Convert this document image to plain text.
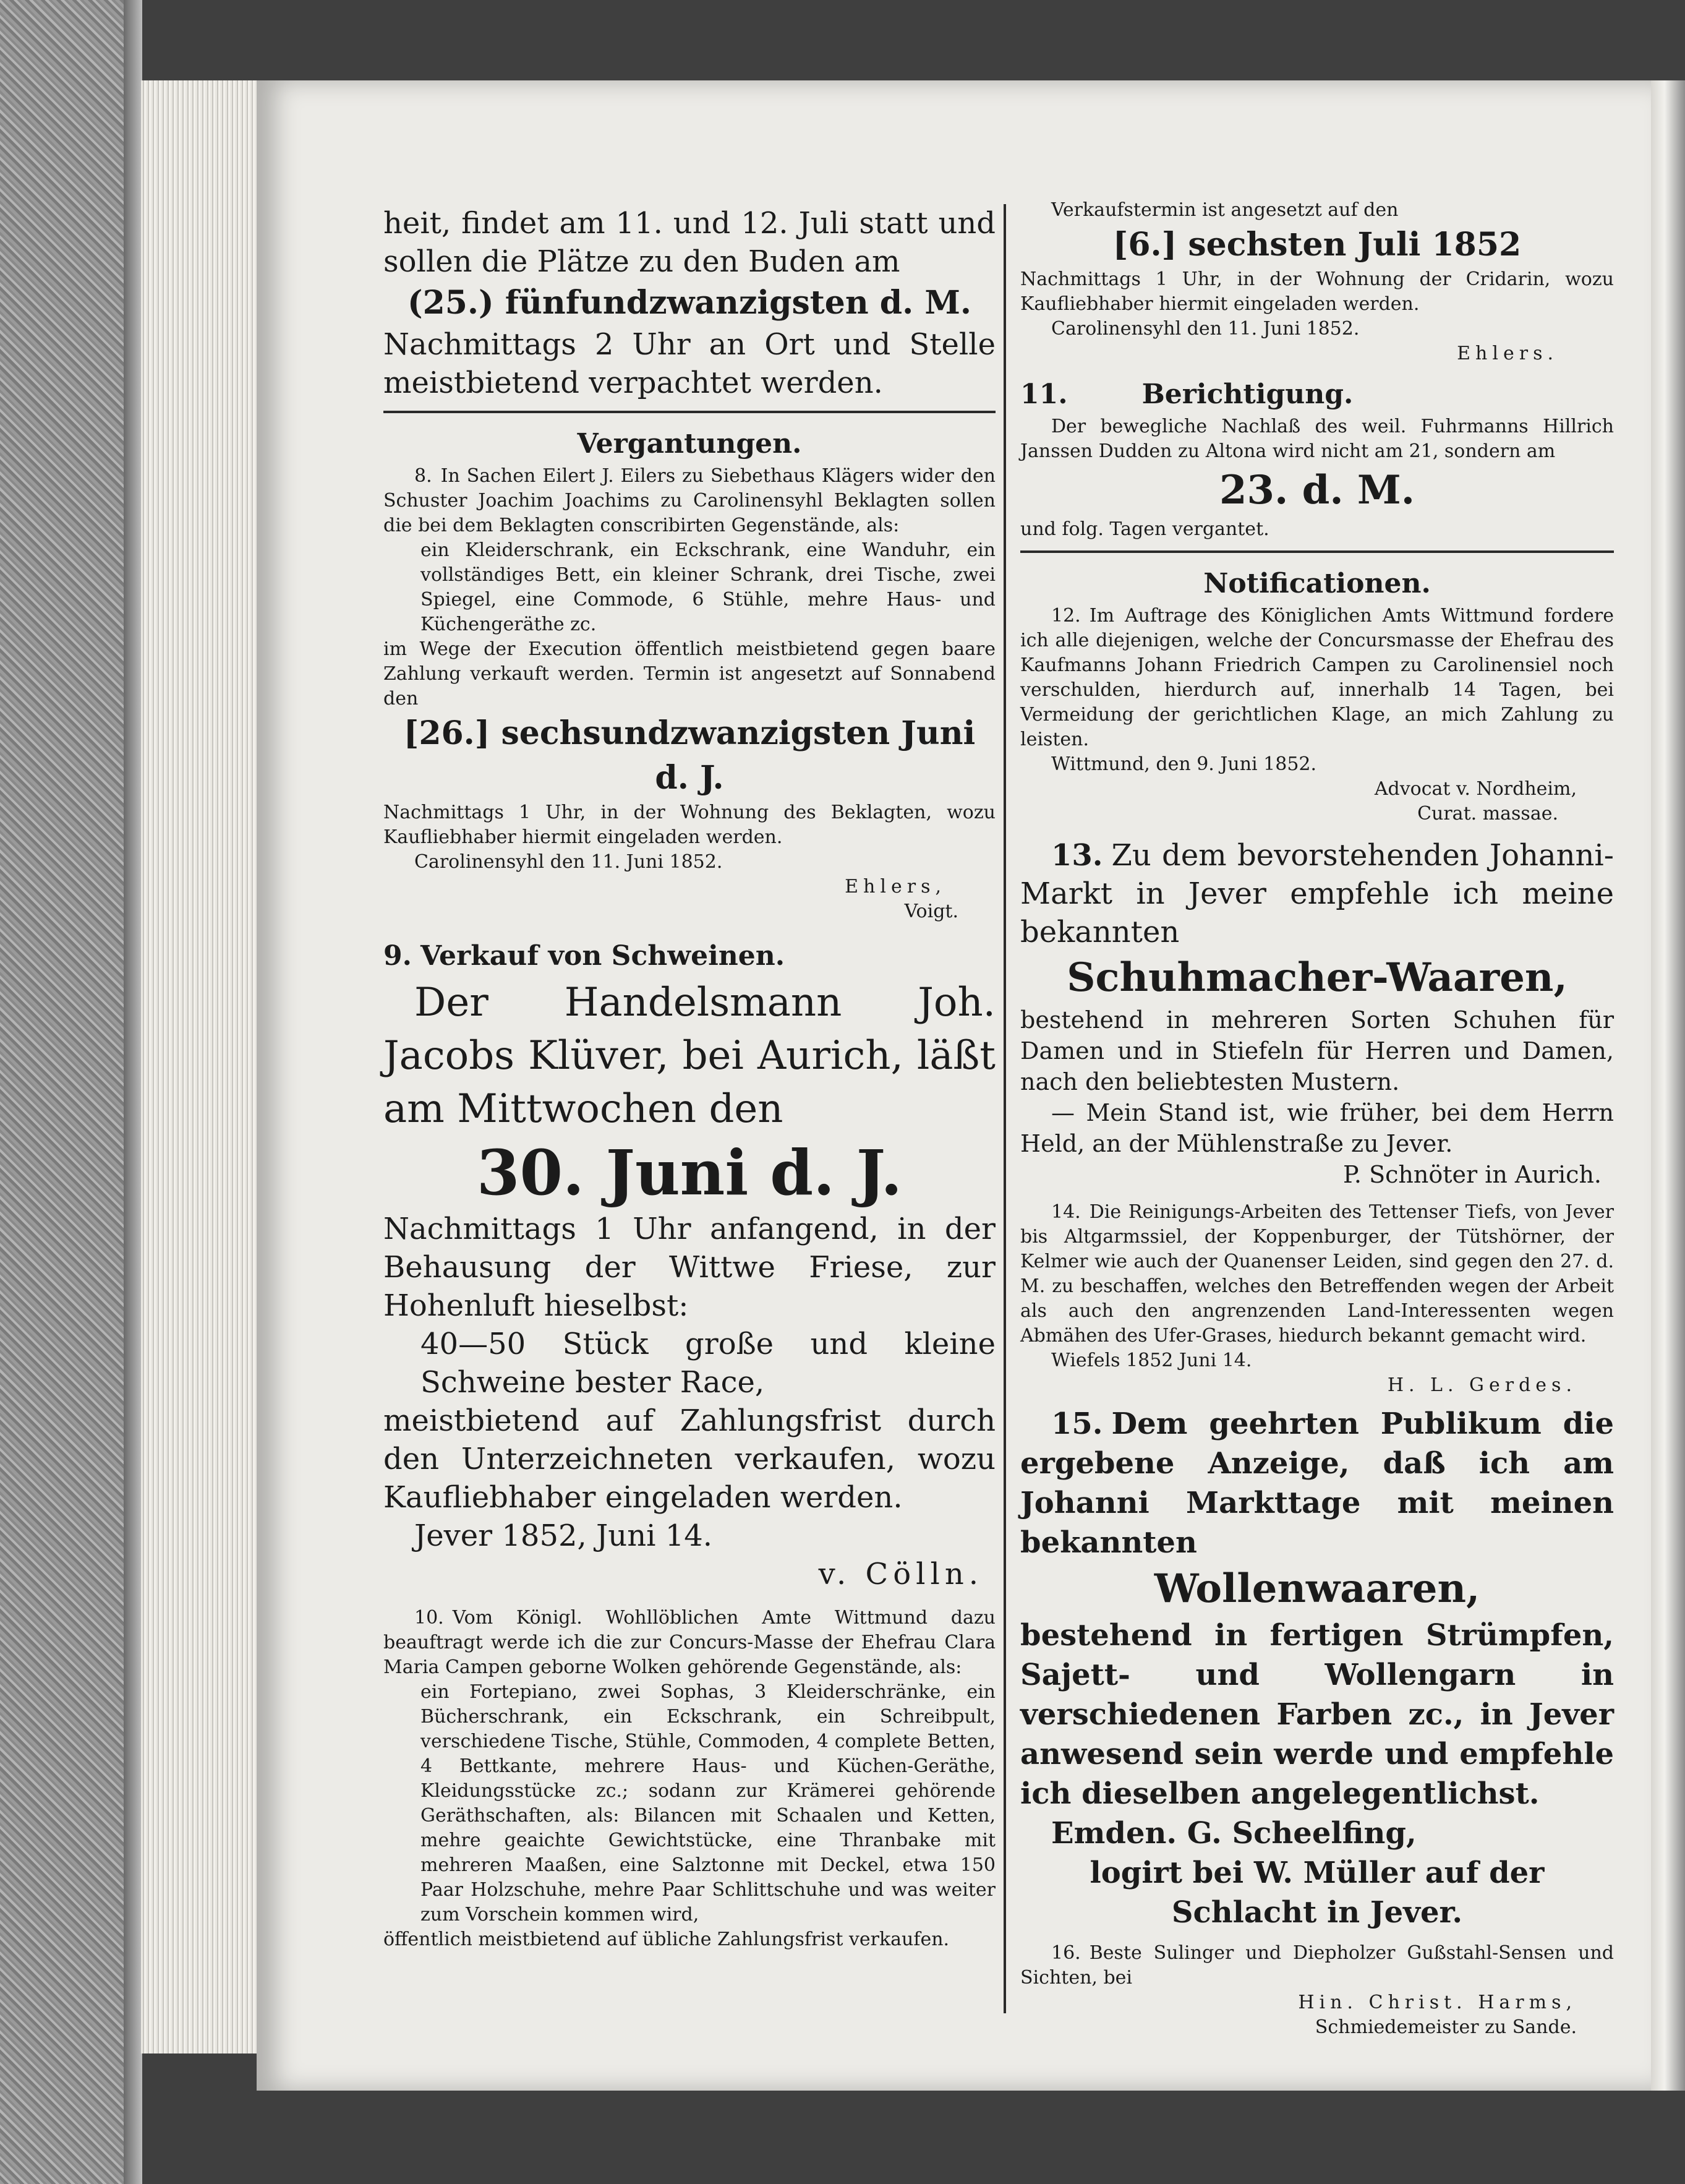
heit, findet am 11. und 12. Juli statt und sollen die Plätze zu den Buden am

(25.) fünfundzwanzigsten d. M.

Nachmittags 2 Uhr an Ort und Stelle meistbietend verpachtet werden.

Vergantungen.

8. In Sachen Eilert J. Eilers zu Siebethaus Klägers wider den Schuster Joachim Joachims zu Carolinensyhl Beklagten sollen die bei dem Beklagten conscribirten Gegenstände, als:

ein Kleiderschrank, ein Eckschrank, eine Wanduhr, ein vollständiges Bett, ein kleiner Schrank, drei Tische, zwei Spiegel, eine Commode, 6 Stühle, mehre Haus- und Küchengeräthe zc.

im Wege der Execution öffentlich meistbietend gegen baare Zahlung verkauft werden. Termin ist angesetzt auf Sonnabend den

[26.] sechsundzwanzigsten Juni d. J.

Nachmittags 1 Uhr, in der Wohnung des Beklagten, wozu Kaufliebhaber hiermit eingeladen werden.

Carolinensyhl den 11. Juni 1852.

Ehlers,

Voigt.

9. Verkauf von Schweinen.

Der Handelsmann Joh. Jacobs Klüver, bei Aurich, läßt am Mittwochen den

30. Juni d. J.

Nachmittags 1 Uhr anfangend, in der Behausung der Wittwe Friese, zur Hohenluft hieselbst:

40—50 Stück große und kleine Schweine bester Race,

meistbietend auf Zahlungsfrist durch den Unterzeichneten verkaufen, wozu Kaufliebhaber eingeladen werden.

Jever 1852, Juni 14.

v. Cölln.

10. Vom Königl. Wohllöblichen Amte Wittmund dazu beauftragt werde ich die zur Concurs-Masse der Ehefrau Clara Maria Campen geborne Wolken gehörende Gegenstände, als:

ein Fortepiano, zwei Sophas, 3 Kleiderschränke, ein Bücherschrank, ein Eckschrank, ein Schreibpult, verschiedene Tische, Stühle, Commoden, 4 complete Betten, 4 Bettkante, mehrere Haus- und Küchen-Geräthe, Kleidungsstücke zc.; sodann zur Krämerei gehörende Geräthschaften, als: Bilancen mit Schaalen und Ketten, mehre geaichte Gewichtstücke, eine Thranbake mit mehreren Maaßen, eine Salztonne mit Deckel, etwa 150 Paar Holzschuhe, mehre Paar Schlittschuhe und was weiter zum Vorschein kommen wird,

öffentlich meistbietend auf übliche Zahlungsfrist verkaufen.

Verkaufstermin ist angesetzt auf den

[6.] sechsten Juli 1852

Nachmittags 1 Uhr, in der Wohnung der Cridarin, wozu Kaufliebhaber hiermit eingeladen werden.

Carolinensyhl den 11. Juni 1852.

Ehlers.

11.	Berichtigung.

Der bewegliche Nachlaß des weil. Fuhrmanns Hillrich Janssen Dudden zu Altona wird nicht am 21, sondern am

23. d. M.

und folg. Tagen vergantet.

Notificationen.

12. Im Auftrage des Königlichen Amts Wittmund fordere ich alle diejenigen, welche der Concursmasse der Ehefrau des Kaufmanns Johann Friedrich Campen zu Carolinensiel noch verschulden, hierdurch auf, innerhalb 14 Tagen, bei Vermeidung der gerichtlichen Klage, an mich Zahlung zu leisten.

Wittmund, den 9. Juni 1852.

Advocat v. Nordheim,

Curat. massae.

13. Zu dem bevorstehenden Johanni-Markt in Jever empfehle ich meine bekannten

Schuhmacher-Waaren,

bestehend in mehreren Sorten Schuhen für Damen und in Stiefeln für Herren und Damen, nach den beliebtesten Mustern.

— Mein Stand ist, wie früher, bei dem Herrn Held, an der Mühlenstraße zu Jever.

P. Schnöter in Aurich.

14. Die Reinigungs-Arbeiten des Tettenser Tiefs, von Jever bis Altgarmssiel, der Koppenburger, der Tütshörner, der Kelmer wie auch der Quanenser Leiden, sind gegen den 27. d. M. zu beschaffen, welches den Betreffenden wegen der Arbeit als auch den angrenzenden Land-Interessenten wegen Abmähen des Ufer-Grases, hiedurch bekannt gemacht wird.

Wiefels 1852 Juni 14.

H. L. Gerdes.

15. Dem geehrten Publikum die ergebene Anzeige, daß ich am Johanni Markttage mit meinen bekannten

Wollenwaaren,

bestehend in fertigen Strümpfen, Sajett- und Wollengarn in verschiedenen Farben zc., in Jever anwesend sein werde und empfehle ich dieselben angelegentlichst.

Emden. G. Scheelfing,

logirt bei W. Müller auf der Schlacht in Jever.

16. Beste Sulinger und Diepholzer Gußstahl-Sensen und Sichten, bei

Hin. Christ. Harms,

Schmiedemeister zu Sande.
